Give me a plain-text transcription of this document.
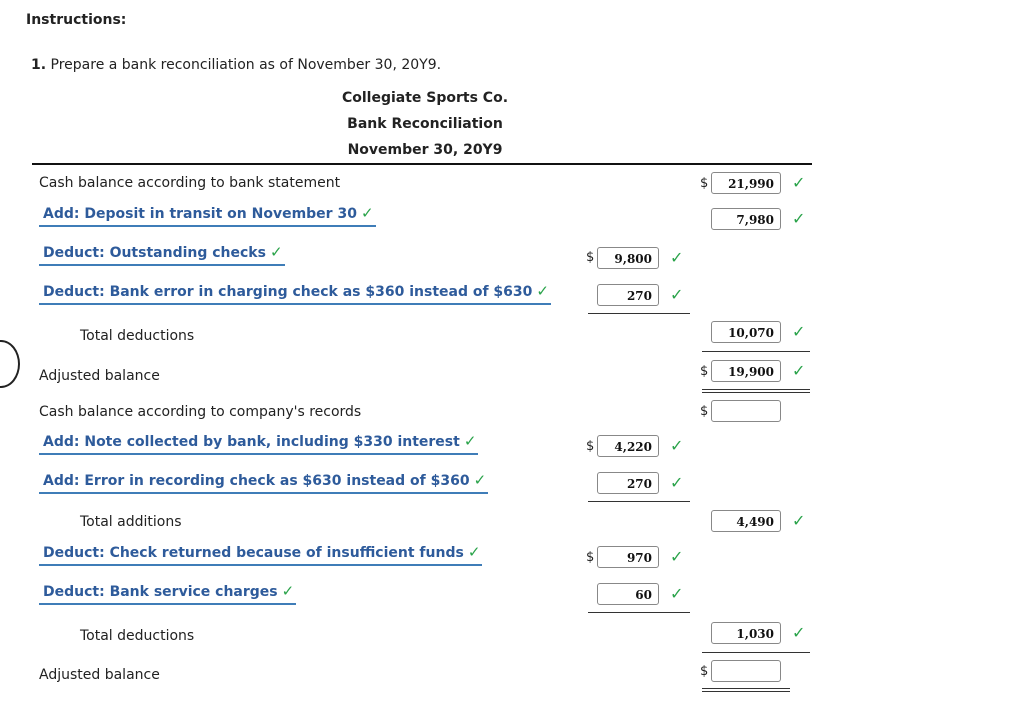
Instructions:
1. Prepare a bank reconciliation as of November 30, 20Y9.
Collegiate Sports Co.
Bank Reconciliation
November 30, 20Y9
Cash balance according to bank statement	$	21,990	✓
Add: Deposit in transit on November 30 ✓	7,980	✓
Deduct: Outstanding checks ✓	$	9,800	✓
Deduct: Bank error in charging check as $360 instead of $630 ✓	270	✓
Total deductions	10,070	✓
Adjusted balance	$	19,900	✓
Cash balance according to company's records	$
Add: Note collected by bank, including $330 interest ✓	$	4,220	✓
Add: Error in recording check as $630 instead of $360 ✓	270	✓
Total additions	4,490	✓
Deduct: Check returned because of insufficient funds ✓	$	970	✓
Deduct: Bank service charges ✓	60	✓
Total deductions	1,030	✓
Adjusted balance	$
